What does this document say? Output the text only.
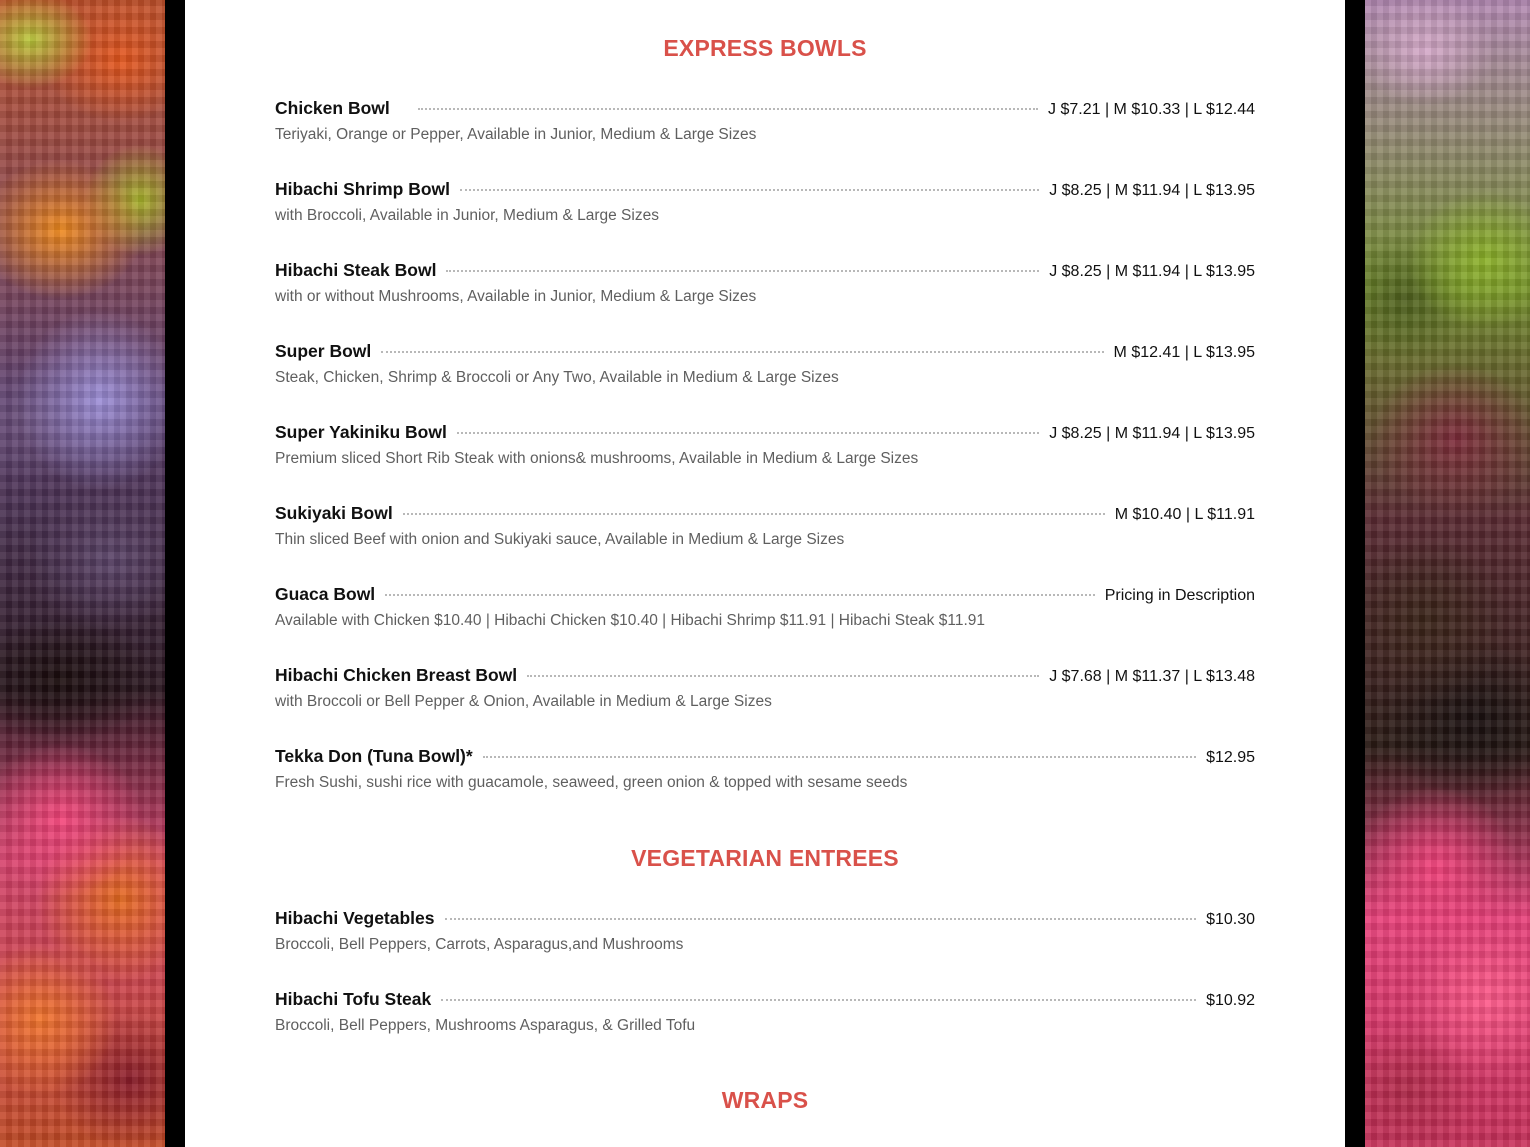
EXPRESS BOWLS
Chicken Bowl	J $7.21 | M $10.33 | L $12.44
Teriyaki, Orange or Pepper, Available in Junior, Medium & Large Sizes
Hibachi Shrimp Bowl	J $8.25 | M $11.94 | L $13.95
with Broccoli, Available in Junior, Medium & Large Sizes
Hibachi Steak Bowl	J $8.25 | M $11.94 | L $13.95
with or without Mushrooms, Available in Junior, Medium & Large Sizes
Super Bowl	M $12.41 | L $13.95
Steak, Chicken, Shrimp & Broccoli or Any Two, Available in Medium & Large Sizes
Super Yakiniku Bowl	J $8.25 | M $11.94 | L $13.95
Premium sliced Short Rib Steak with onions& mushrooms, Available in Medium & Large Sizes
Sukiyaki Bowl	M $10.40 | L $11.91
Thin sliced Beef with onion and Sukiyaki sauce, Available in Medium & Large Sizes
Guaca Bowl	Pricing in Description
Available with Chicken $10.40 | Hibachi Chicken $10.40 | Hibachi Shrimp $11.91 | Hibachi Steak $11.91
Hibachi Chicken Breast Bowl	J $7.68 | M $11.37 | L $13.48
with Broccoli or Bell Pepper & Onion, Available in Medium & Large Sizes
Tekka Don (Tuna Bowl)*	$12.95
Fresh Sushi, sushi rice with guacamole, seaweed, green onion & topped with sesame seeds
VEGETARIAN ENTREES
Hibachi Vegetables	$10.30
Broccoli, Bell Peppers, Carrots, Asparagus,and Mushrooms
Hibachi Tofu Steak	$10.92
Broccoli, Bell Peppers, Mushrooms Asparagus, & Grilled Tofu
WRAPS
